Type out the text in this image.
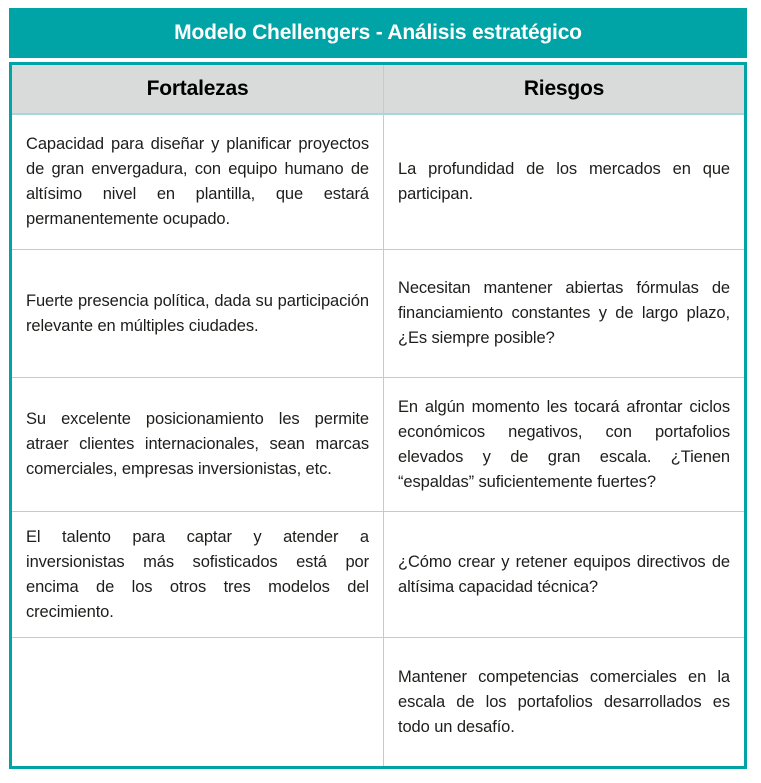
Modelo Chellengers - Análisis estratégico
Fortalezas	Riesgos
Capacidad para diseñar y planificar proyectos de gran envergadura, con equipo humano de altísimo nivel en plantilla, que estará permanentemente ocupado.
La profundidad de los mercados en que participan.
Fuerte presencia política, dada su participación relevante en múltiples ciudades.
Necesitan mantener abiertas fórmulas de financiamiento constantes y de largo plazo, ¿Es siempre posible?
Su excelente posicionamiento les permite atraer clientes internacionales, sean marcas comerciales, empresas inversionistas, etc.
En algún momento les tocará afrontar ciclos económicos negativos, con portafolios elevados y de gran escala. ¿Tienen “espaldas” suficientemente fuertes?
El talento para captar y atender a inversionistas más sofisticados está por encima de los otros tres modelos del crecimiento.
¿Cómo crear y retener equipos directivos de altísima capacidad técnica?
Mantener competencias comerciales en la escala de los portafolios desarrollados es todo un desafío.
